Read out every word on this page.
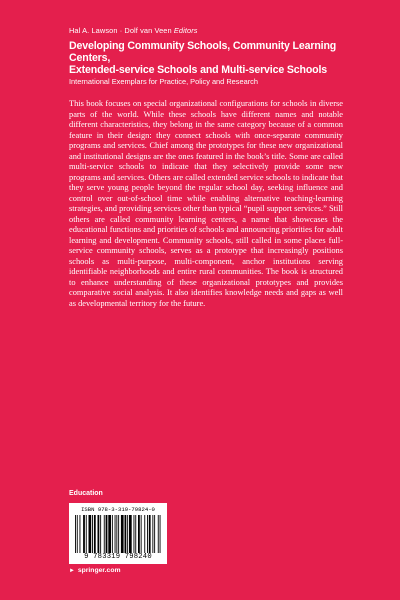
Hal A. Lawson · Dolf van Veen Editors
Developing Community Schools, Community Learning Centers,
Extended-service Schools and Multi-service Schools
International Exemplars for Practice, Policy and Research

This book focuses on special organizational configurations for schools in diverse parts of the world. While these schools have different names and notable different characteristics, they belong in the same category because of a common feature in their design: they connect schools with once-separate community programs and services. Chief among the prototypes for these new organizational and institutional designs are the ones featured in the book’s title. Some are called multi-service schools to indicate that they selectively provide some new programs and services. Others are called extended service schools to indicate that they serve young people beyond the regular school day, seeking influence and control over out-of-school time while enabling alternative teaching-learning strategies, and providing services other than typical “pupil support services.” Still others are called community learning centers, a name that showcases the educational functions and priorities of schools and announcing priorities for adult learning and development. Community schools, still called in some places full-service community schools, serves as a prototype that increasingly positions schools as multi-purpose, multi-component, anchor institutions serving identifiable neighborhoods and entire rural communities. The book is structured to enhance understanding of these organizational prototypes and provides comparative social analysis. It also identifies knowledge needs and gaps as well as developmental territory for the future.

Education
ISBN 978-3-319-79824-0
9 783319 798240
► springer.com
